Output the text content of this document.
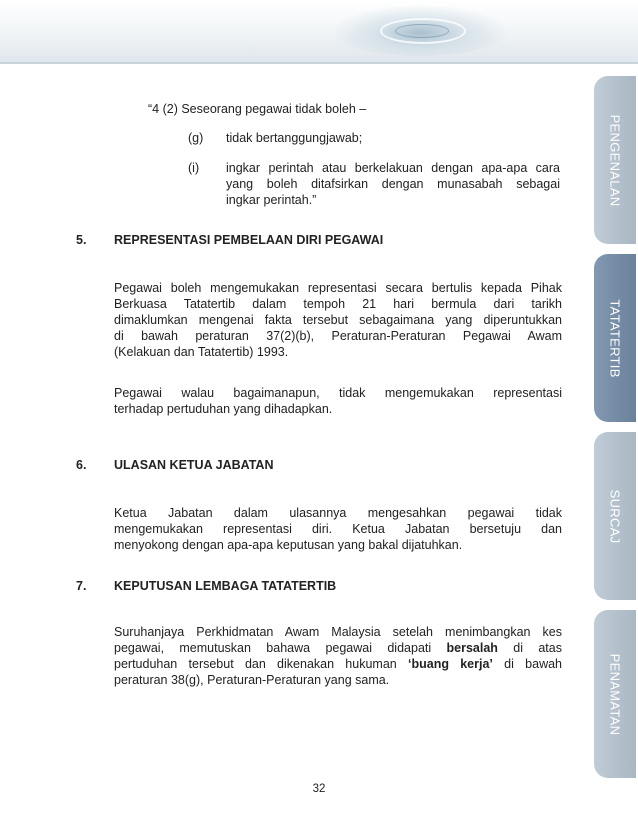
PENGENALAN
TATATERTIB
SURCAJ
PENAMATAN
“4 (2) Seseorang pegawai tidak boleh –
(g) tidak bertanggungjawab;
(i) ingkar perintah atau berkelakuan dengan apa-apa cara
yang boleh ditafsirkan dengan munasabah sebagai
ingkar perintah.”
5. REPRESENTASI PEMBELAAN DIRI PEGAWAI
Pegawai boleh mengemukakan representasi secara bertulis kepada Pihak
Berkuasa Tatatertib dalam tempoh 21 hari bermula dari tarikh
dimaklumkan mengenai fakta tersebut sebagaimana yang diperuntukkan
di bawah peraturan 37(2)(b), Peraturan-Peraturan Pegawai Awam
(Kelakuan dan Tatatertib) 1993.
Pegawai walau bagaimanapun, tidak mengemukakan representasi
terhadap pertuduhan yang dihadapkan.
6. ULASAN KETUA JABATAN
Ketua Jabatan dalam ulasannya mengesahkan pegawai tidak
mengemukakan representasi diri. Ketua Jabatan bersetuju dan
menyokong dengan apa-apa keputusan yang bakal dijatuhkan.
7. KEPUTUSAN LEMBAGA TATATERTIB
Suruhanjaya Perkhidmatan Awam Malaysia setelah menimbangkan kes
pegawai, memutuskan bahawa pegawai didapati bersalah di atas
pertuduhan tersebut dan dikenakan hukuman ‘buang kerja’ di bawah
peraturan 38(g), Peraturan-Peraturan yang sama.
32
